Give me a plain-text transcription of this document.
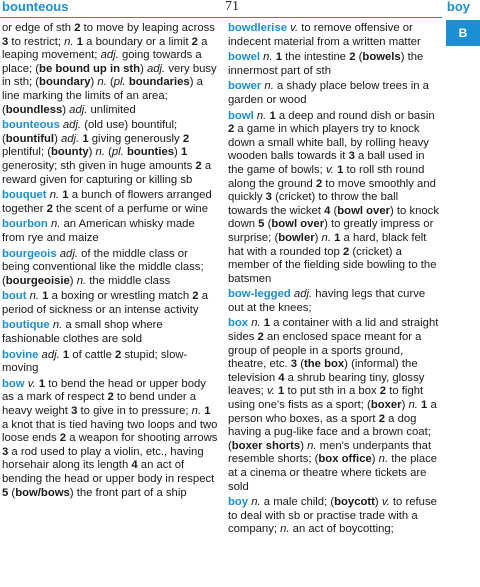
bounteous	71	boy
B

or edge of sth 2 to move by leaping across 3 to restrict; n. 1 a boundary or a limit 2 a leaping movement; adj. going towards a place; (be bound up in sth) adj. very busy in sth; (boundary) n. (pl. boundaries) a line marking the limits of an area; (boundless) adj. unlimited

bounteous adj. (old use) bountiful; (bountiful) adj. 1 giving generously 2 plentiful; (bounty) n. (pl. bounties) 1 generosity; sth given in huge amounts 2 a reward given for capturing or killing sb

bouquet n. 1 a bunch of flowers arranged together 2 the scent of a perfume or wine

bourbon n. an American whisky made from rye and maize

bourgeois adj. of the middle class or being conventional like the middle class; (bourgeoisie) n. the middle class

bout n. 1 a boxing or wrestling match 2 a period of sickness or an intense activity

boutique n. a small shop where fashionable clothes are sold

bovine adj. 1 of cattle 2 stupid; slow-moving

bow v. 1 to bend the head or upper body as a mark of respect 2 to bend under a heavy weight 3 to give in to pressure; n. 1 a knot that is tied having two loops and two loose ends 2 a weapon for shooting arrows 3 a rod used to play a violin, etc., having horsehair along its length 4 an act of bending the head or upper body in respect 5 (bow/bows) the front part of a ship

bowdlerise v. to remove offensive or indecent material from a written matter

bowel n. 1 the intestine 2 (bowels) the innermost part of sth

bower n. a shady place below trees in a garden or wood

bowl n. 1 a deep and round dish or basin 2 a game in which players try to knock down a small white ball, by rolling heavy wooden balls towards it 3 a ball used in the game of bowls; v. 1 to roll sth round along the ground 2 to move smoothly and quickly 3 (cricket) to throw the ball towards the wicket 4 (bowl over) to knock down 5 (bowl over) to greatly impress or surprise; (bowler) n. 1 a hard, black felt hat with a rounded top 2 (cricket) a member of the fielding side bowling to the batsmen

bow-legged adj. having legs that curve out at the knees;

box n. 1 a container with a lid and straight sides 2 an enclosed space meant for a group of people in a sports ground, theatre, etc. 3 (the box) (informal) the television 4 a shrub bearing tiny, glossy leaves; v. 1 to put sth in a box 2 to fight using one's fists as a sport; (boxer) n. 1 a person who boxes, as a sport 2 a dog having a pug-like face and a brown coat; (boxer shorts) n. men's underpants that resemble shorts; (box office) n. the place at a cinema or theatre where tickets are sold

boy n. a male child; (boycott) v. to refuse to deal with sb or practise trade with a company; n. an act of boycotting;
